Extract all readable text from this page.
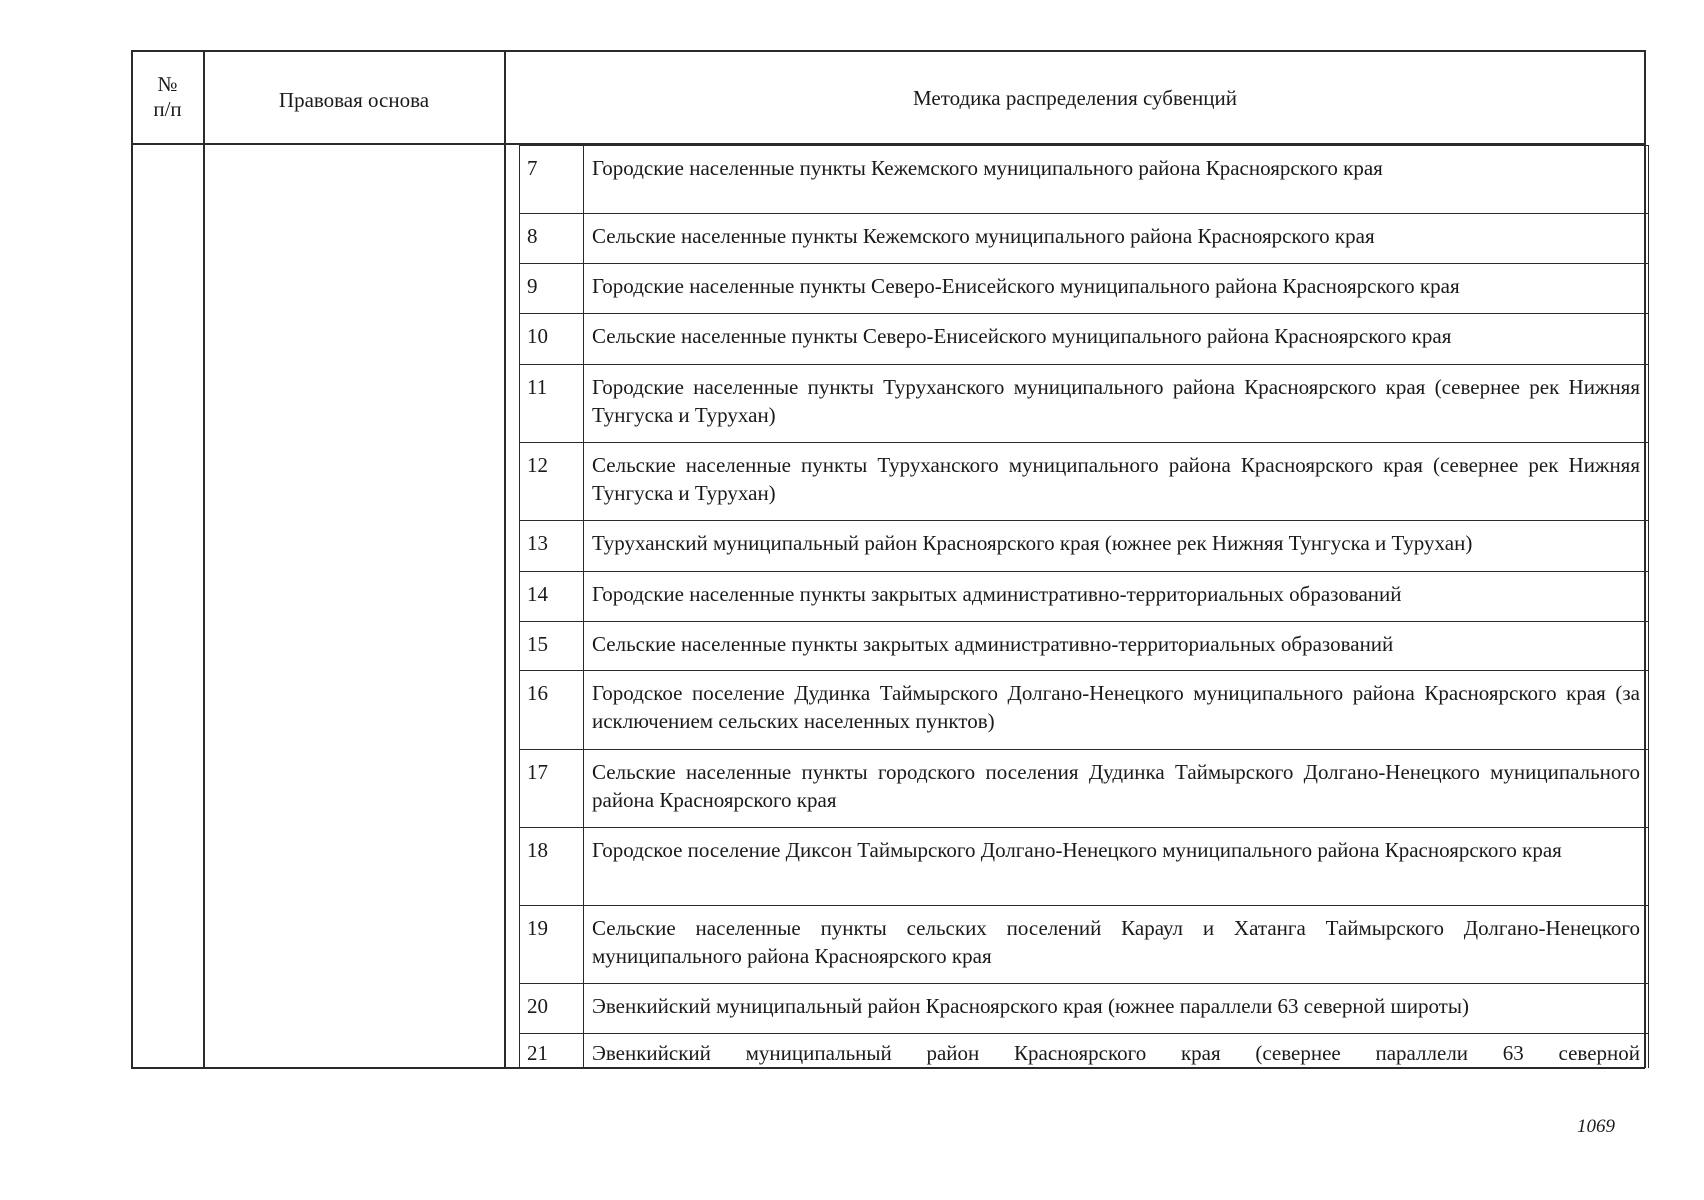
№
п/п	Правовая основа	Методика распределения субвенций
7	Городские населенные пункты Кежемского муниципального района Красноярского края
8	Сельские населенные пункты Кежемского муниципального района Красноярского края
9	Городские населенные пункты Северо-Енисейского муниципального района Красноярского края
10	Сельские населенные пункты Северо-Енисейского муниципального района Красноярского края
11	Городские населенные пункты Туруханского муниципального района Красноярского края (севернее рек Нижняя Тунгуска и Турухан)
12	Сельские населенные пункты Туруханского муниципального района Красноярского края (севернее рек Нижняя Тунгуска и Турухан)
13	Туруханский муниципальный район Красноярского края (южнее рек Нижняя Тунгуска и Турухан)
14	Городские населенные пункты закрытых административно-территориальных образований
15	Сельские населенные пункты закрытых административно-территориальных образований
16	Городское поселение Дудинка Таймырского Долгано-Ненецкого муниципального района Красноярского края (за исключением сельских населенных пунктов)
17	Сельские населенные пункты городского поселения Дудинка Таймырского Долгано-Ненецкого муниципального района Красноярского края
18	Городское поселение Диксон Таймырского Долгано-Ненецкого муниципального района Красноярского края
19	Сельские населенные пункты сельских поселений Караул и Хатанга Таймырского Долгано-Ненецкого муниципального района Красноярского края
20	Эвенкийский муниципальный район Красноярского края (южнее параллели 63 северной широты)
21	Эвенкийский муниципальный район Красноярского края (севернее параллели 63 северной
1069
